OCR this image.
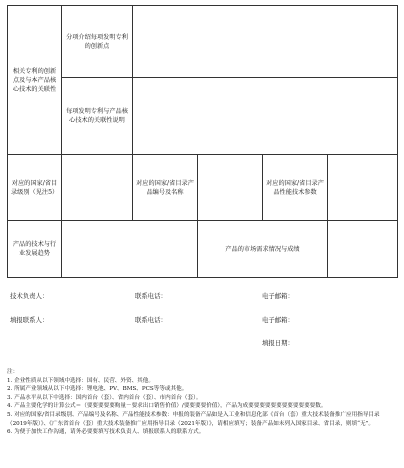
相关专利的创新点及与本产品核心技术的关联性	分项介绍每项发明专利的创新点				
	每项发明专利与产品核心技术的关联性说明				
对应的国家/省目录级别（见注5）		对应的国家/省目录产品编号及名称		对应的国家/省目录产品性能技术参数	
产品的技术与行业发展趋势			产品的市场需求情况与成绩		
技术负责人：	联系电话：	电子邮箱：
填报联系人：	联系电话：	电子邮箱：
填报日期：
注：
1. 企业性质从以下领域中选择：国有、民营、外资、其他。
2. 所属产业领域从以下中选择：锂电池、PV、BMS、PCS等等或其他。
3. 产品水平从以下中选择：国内首台（套）、省内首台（套）、市内首台（套）。
4. 产品主要化学的计算公式＝（要要要要要购量－要求出口销售价值）/要要要要价值），产品为成要要要要要要要要要要要要数。
5. 对应的国家/省目录级别、产品编号及名称、产品性能技术参数：申报的装备产品如是入工业和信息化部《首台（套）重大技术装备推广应用指导目录（2019年版）》、《广东省首台（套）重大技术装备推广应用指导目录（2021年版）》，请相应填写；装备产品如未列入国家目录、省目录，则填“无”。
6. 为便于加快工作沟通，请务必要要填写技术负责人、填报联系人的联系方式。
